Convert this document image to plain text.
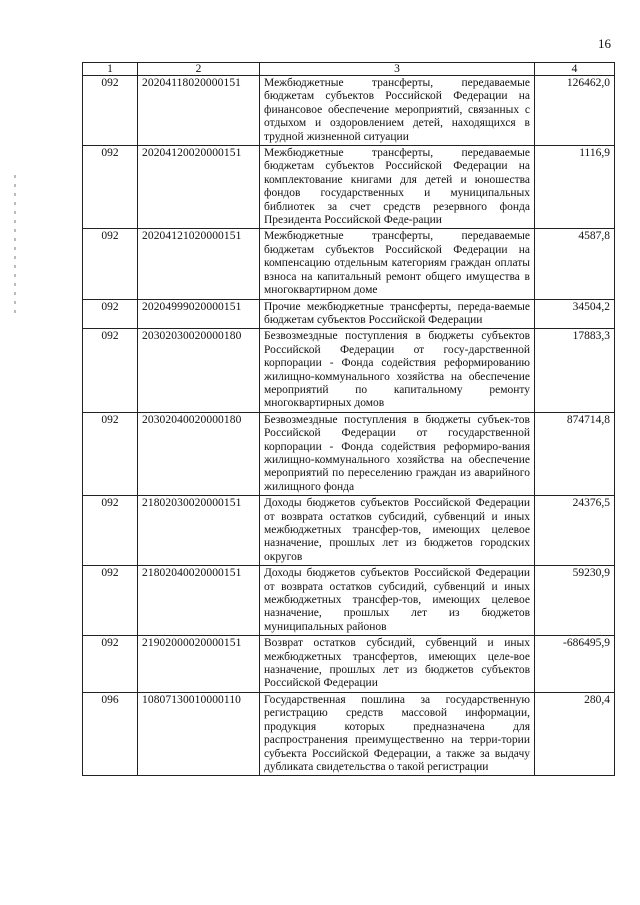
16
1	2	3	4
092	20204118020000151	Межбюджетные трансферты, передаваемые бюджетам субъектов Российской Федерации на финансовое обеспечение мероприятий, связанных с отдыхом и оздоровлением детей, находящихся в трудной жизненной ситуации	126462,0
092	20204120020000151	Межбюджетные трансферты, передаваемые бюджетам субъектов Российской Федерации на комплектование книгами для детей и юношества фондов государственных и муниципальных библиотек за счет средств резервного фонда Президента Российской Феде-рации	1116,9
092	20204121020000151	Межбюджетные трансферты, передаваемые бюджетам субъектов Российской Федерации на компенсацию отдельным категориям граждан оплаты взноса на капитальный ремонт общего имущества в многоквартирном доме	4587,8
092	20204999020000151	Прочие межбюджетные трансферты, переда-ваемые бюджетам субъектов Российской Федерации	34504,2
092	20302030020000180	Безвозмездные поступления в бюджеты субъектов Российской Федерации от госу-дарственной корпорации - Фонда содействия реформированию жилищно-коммунального хозяйства на обеспечение мероприятий по капитальному ремонту многоквартирных домов	17883,3
092	20302040020000180	Безвозмездные поступления в бюджеты субъек-тов Российской Федерации от государственной корпорации - Фонда содействия реформиро-вания жилищно-коммунального хозяйства на обеспечение мероприятий по переселению граждан из аварийного жилищного фонда	874714,8
092	21802030020000151	Доходы бюджетов субъектов Российской Федерации от возврата остатков субсидий, субвенций и иных межбюджетных трансфер-тов, имеющих целевое назначение, прошлых лет из бюджетов городских округов	24376,5
092	21802040020000151	Доходы бюджетов субъектов Российской Федерации от возврата остатков субсидий, субвенций и иных межбюджетных трансфер-тов, имеющих целевое назначение, прошлых лет из бюджетов муниципальных районов	59230,9
092	21902000020000151	Возврат остатков субсидий, субвенций и иных межбюджетных трансфертов, имеющих целе-вое назначение, прошлых лет из бюджетов субъектов Российской Федерации	-686495,9
096	10807130010000110	Государственная пошлина за государственную регистрацию средств массовой информации, продукция которых предназначена для распространения преимущественно на терри-тории субъекта Российской Федерации, а также за выдачу дубликата свидетельства о такой регистрации	280,4
